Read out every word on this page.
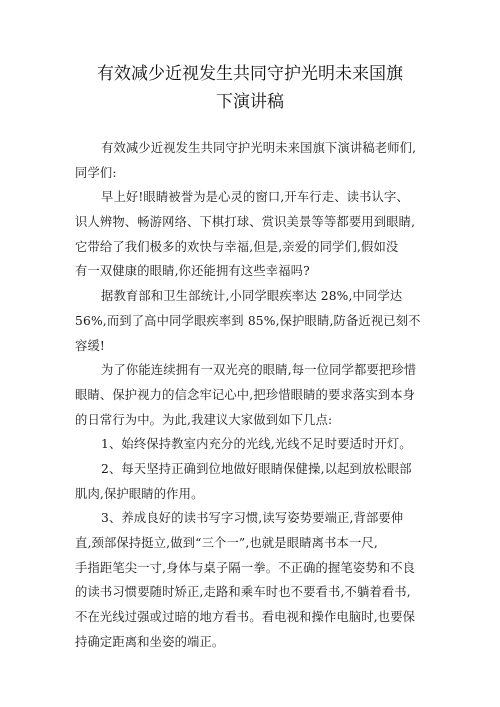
有效减少近视发生共同守护光明未来国旗
下演讲稿
有效减少近视发生共同守护光明未来国旗下演讲稿老师们,
同学们:
早上好!眼睛被誉为是心灵的窗口,开车行走、读书认字、
识人辨物、畅游网络、下棋打球、赏识美景等等都要用到眼睛,
它带给了我们极多的欢快与幸福,但是,亲爱的同学们,假如没
有一双健康的眼睛,你还能拥有这些幸福吗?
据教育部和卫生部统计,小同学眼疾率达 28%,中同学达
56%,而到了高中同学眼疾率到 85%,保护眼睛,防备近视已刻不
容缓!
为了你能连续拥有一双光亮的眼睛,每一位同学都要把珍惜
眼睛、保护视力的信念牢记心中,把珍惜眼睛的要求落实到本身
的日常行为中。为此,我建议大家做到如下几点:
1、始终保持教室内充分的光线,光线不足时要适时开灯。
2、每天坚持正确到位地做好眼睛保健操,以起到放松眼部
肌肉,保护眼睛的作用。
3、养成良好的读书写字习惯,读写姿势要端正,背部要伸
直,颈部保持挺立,做到“三个一”,也就是眼睛离书本一尺,
手指距笔尖一寸,身体与桌子隔一拳。不正确的握笔姿势和不良
的读书习惯要随时矫正,走路和乘车时也不要看书,不躺着看书,
不在光线过强或过暗的地方看书。看电视和操作电脑时,也要保
持确定距离和坐姿的端正。
